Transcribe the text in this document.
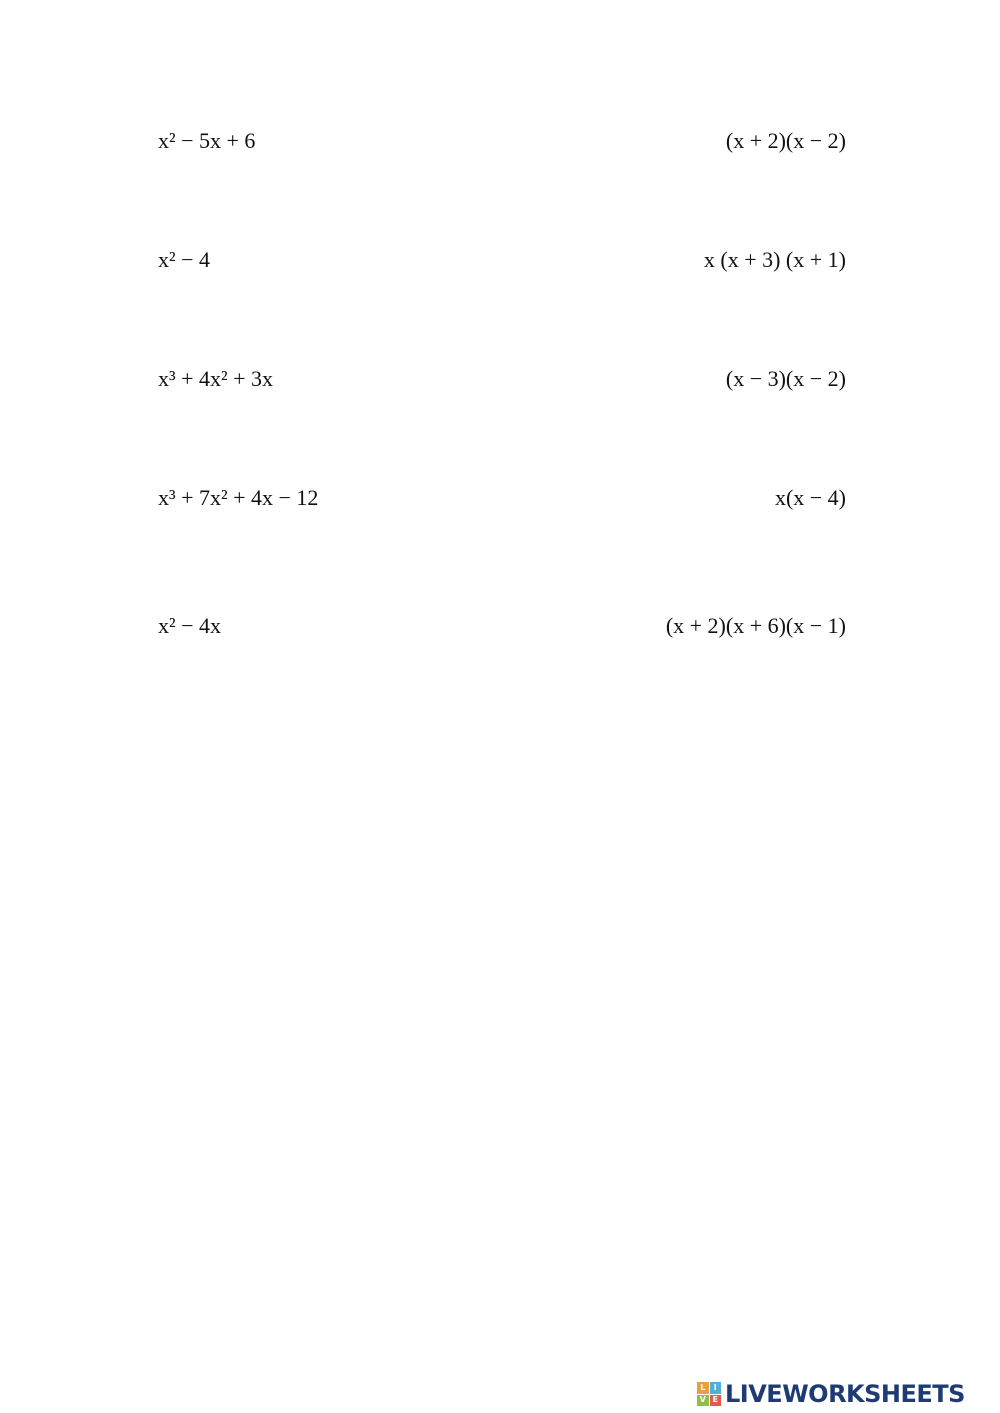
x² − 5x + 6	(x + 2)(x − 2)
x² − 4	x (x + 3) (x + 1)
x³ + 4x² + 3x	(x − 3)(x − 2)
x³ + 7x² + 4x − 12	x(x − 4)
x² − 4x	(x + 2)(x + 6)(x − 1)
L	I
V E LIVEWORKSHEETS
